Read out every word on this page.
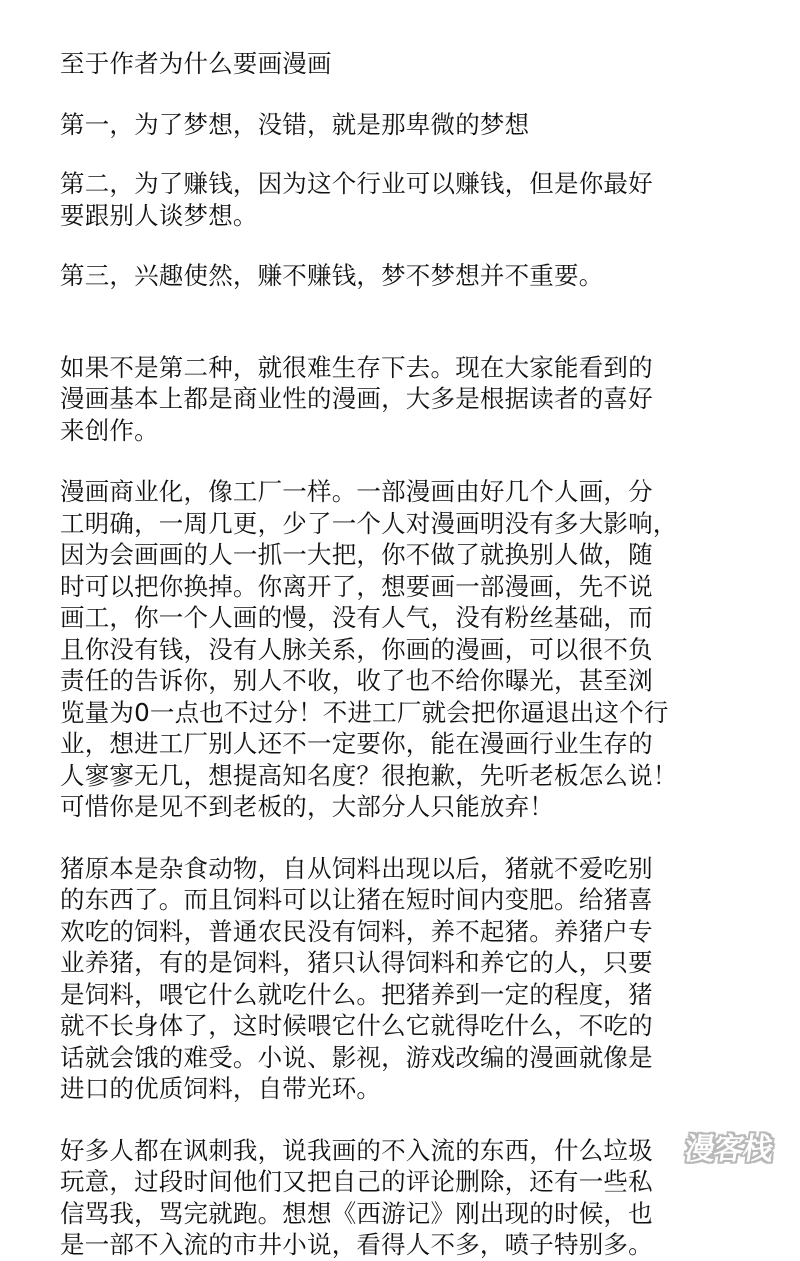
至于作者为什么要画漫画
第一，为了梦想，没错，就是那卑微的梦想
第二，为了赚钱，因为这个行业可以赚钱，但是你最好
要跟别人谈梦想。
第三，兴趣使然，赚不赚钱，梦不梦想并不重要。
如果不是第二种，就很难生存下去。现在大家能看到的
漫画基本上都是商业性的漫画，大多是根据读者的喜好
来创作。
漫画商业化，像工厂一样。一部漫画由好几个人画，分
工明确，一周几更，少了一个人对漫画明没有多大影响，
因为会画画的人一抓一大把，你不做了就换别人做，随
时可以把你换掉。你离开了，想要画一部漫画，先不说
画工，你一个人画的慢，没有人气，没有粉丝基础，而
且你没有钱，没有人脉关系，你画的漫画，可以很不负
责任的告诉你，别人不收，收了也不给你曝光，甚至浏
览量为0一点也不过分！不进工厂就会把你逼退出这个行
业，想进工厂别人还不一定要你，能在漫画行业生存的
人寥寥无几，想提高知名度？很抱歉，先听老板怎么说！
可惜你是见不到老板的，大部分人只能放弃！
猪原本是杂食动物，自从饲料出现以后，猪就不爱吃别
的东西了。而且饲料可以让猪在短时间内变肥。给猪喜
欢吃的饲料，普通农民没有饲料，养不起猪。养猪户专
业养猪，有的是饲料，猪只认得饲料和养它的人，只要
是饲料，喂它什么就吃什么。把猪养到一定的程度，猪
就不长身体了，这时候喂它什么它就得吃什么，不吃的
话就会饿的难受。小说、影视，游戏改编的漫画就像是
进口的优质饲料，自带光环。
好多人都在讽刺我，说我画的不入流的东西，什么垃圾
玩意，过段时间他们又把自己的评论删除，还有一些私
信骂我，骂完就跑。想想《西游记》刚出现的时候，也
是一部不入流的市井小说，看得人不多，喷子特别多。
漫客栈
